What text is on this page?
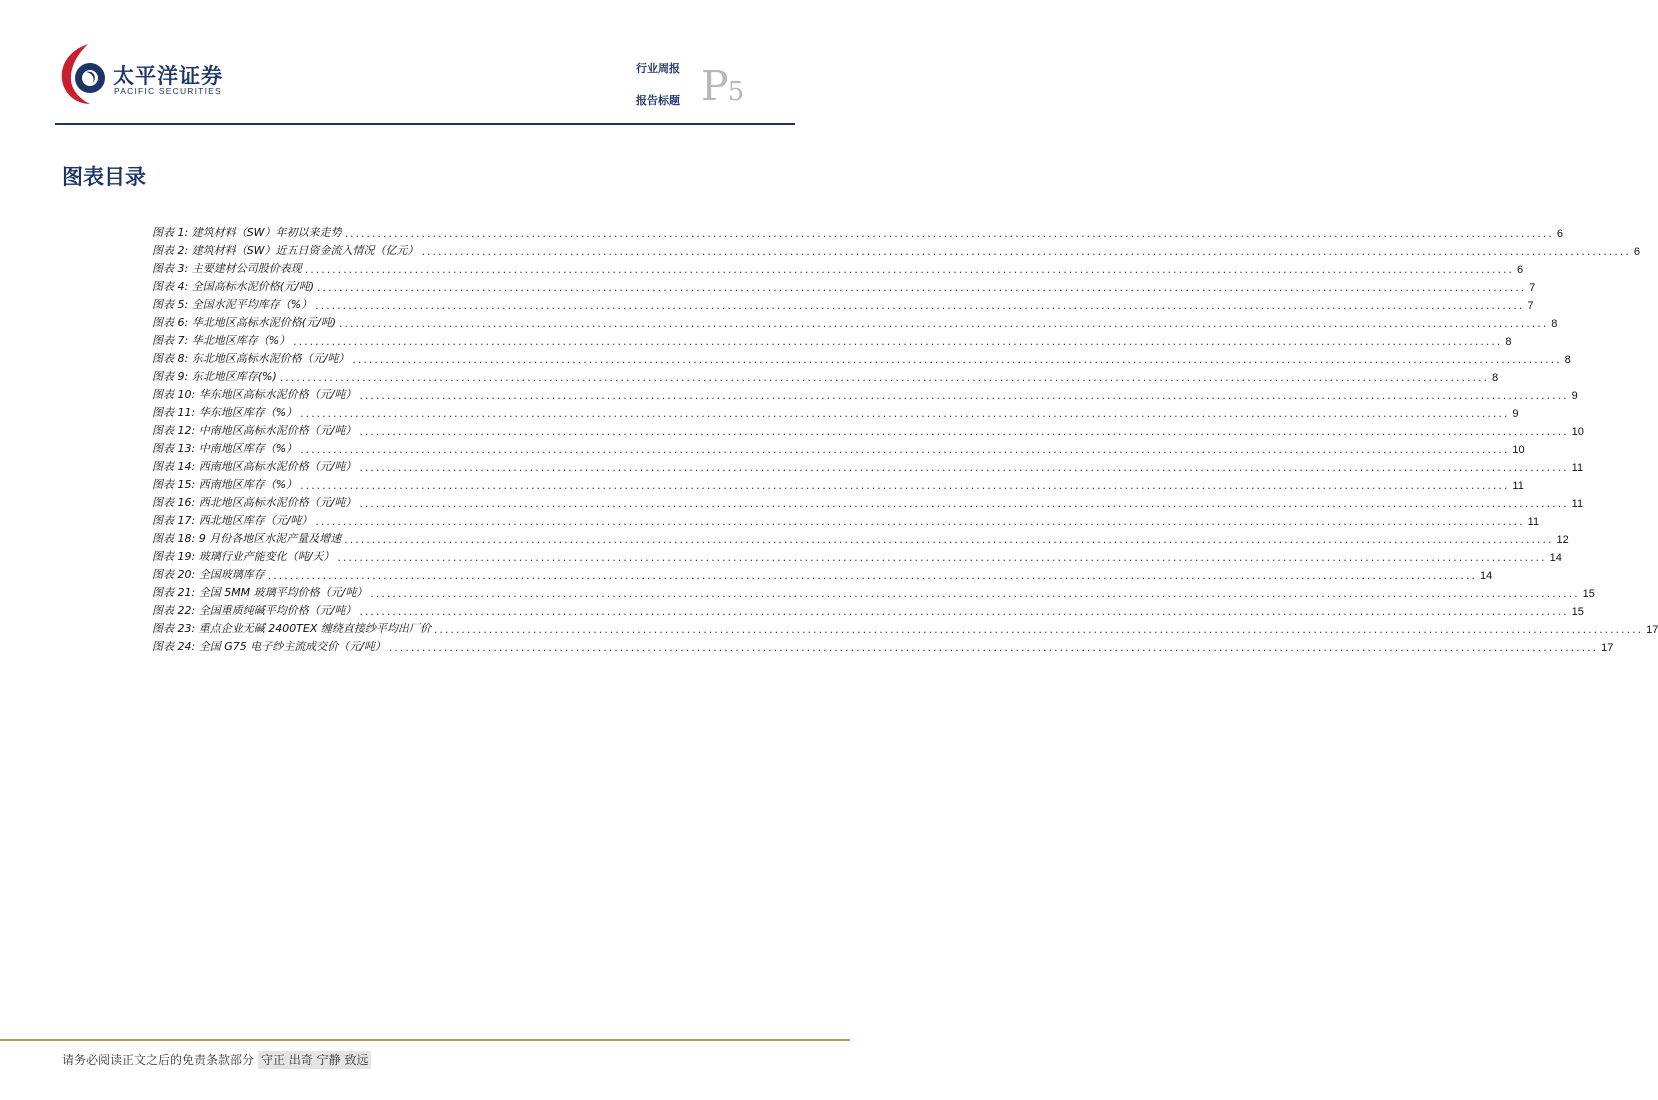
太平洋证券
PACIFIC SECURITIES
行业周报
报告标题 P5
图表目录
图表 1: 建筑材料（SW）年初以来走势 ............................................................................................................................................................................................................................ 6
图表 2: 建筑材料（SW）近五日资金流入情况（亿元） ............................................................................................................................................................................................................................ 6
图表 3: 主要建材公司股价表现 ............................................................................................................................................................................................................................ 6
图表 4: 全国高标水泥价格(元/吨) ............................................................................................................................................................................................................................ 7
图表 5: 全国水泥平均库存（%） ............................................................................................................................................................................................................................ 7
图表 6: 华北地区高标水泥价格(元/吨) ............................................................................................................................................................................................................................ 8
图表 7: 华北地区库存（%） ............................................................................................................................................................................................................................ 8
图表 8: 东北地区高标水泥价格（元/吨） ............................................................................................................................................................................................................................ 8
图表 9: 东北地区库存(%) ............................................................................................................................................................................................................................ 8
图表 10: 华东地区高标水泥价格（元/吨） ............................................................................................................................................................................................................................ 9
图表 11: 华东地区库存（%） ............................................................................................................................................................................................................................ 9
图表 12: 中南地区高标水泥价格（元/吨） ............................................................................................................................................................................................................................ 10
图表 13: 中南地区库存（%） ............................................................................................................................................................................................................................ 10
图表 14: 西南地区高标水泥价格（元/吨） ............................................................................................................................................................................................................................ 11
图表 15: 西南地区库存（%） ............................................................................................................................................................................................................................ 11
图表 16: 西北地区高标水泥价格（元/吨） ............................................................................................................................................................................................................................ 11
图表 17: 西北地区库存（元/吨） ............................................................................................................................................................................................................................ 11
图表 18: 9 月份各地区水泥产量及增速 ............................................................................................................................................................................................................................ 12
图表 19: 玻璃行业产能变化（吨/天） ............................................................................................................................................................................................................................ 14
图表 20: 全国玻璃库存 ............................................................................................................................................................................................................................ 14
图表 21: 全国 5MM 玻璃平均价格（元/吨） ............................................................................................................................................................................................................................ 15
图表 22: 全国重质纯碱平均价格（元/吨） ............................................................................................................................................................................................................................ 15
图表 23: 重点企业无碱 2400TEX 缠绕直接纱平均出厂价 ............................................................................................................................................................................................................................ 17
图表 24: 全国 G75 电子纱主流成交价（元/吨） ............................................................................................................................................................................................................................ 17
请务必阅读正文之后的免责条款部分 守正 出奇 宁静 致远
